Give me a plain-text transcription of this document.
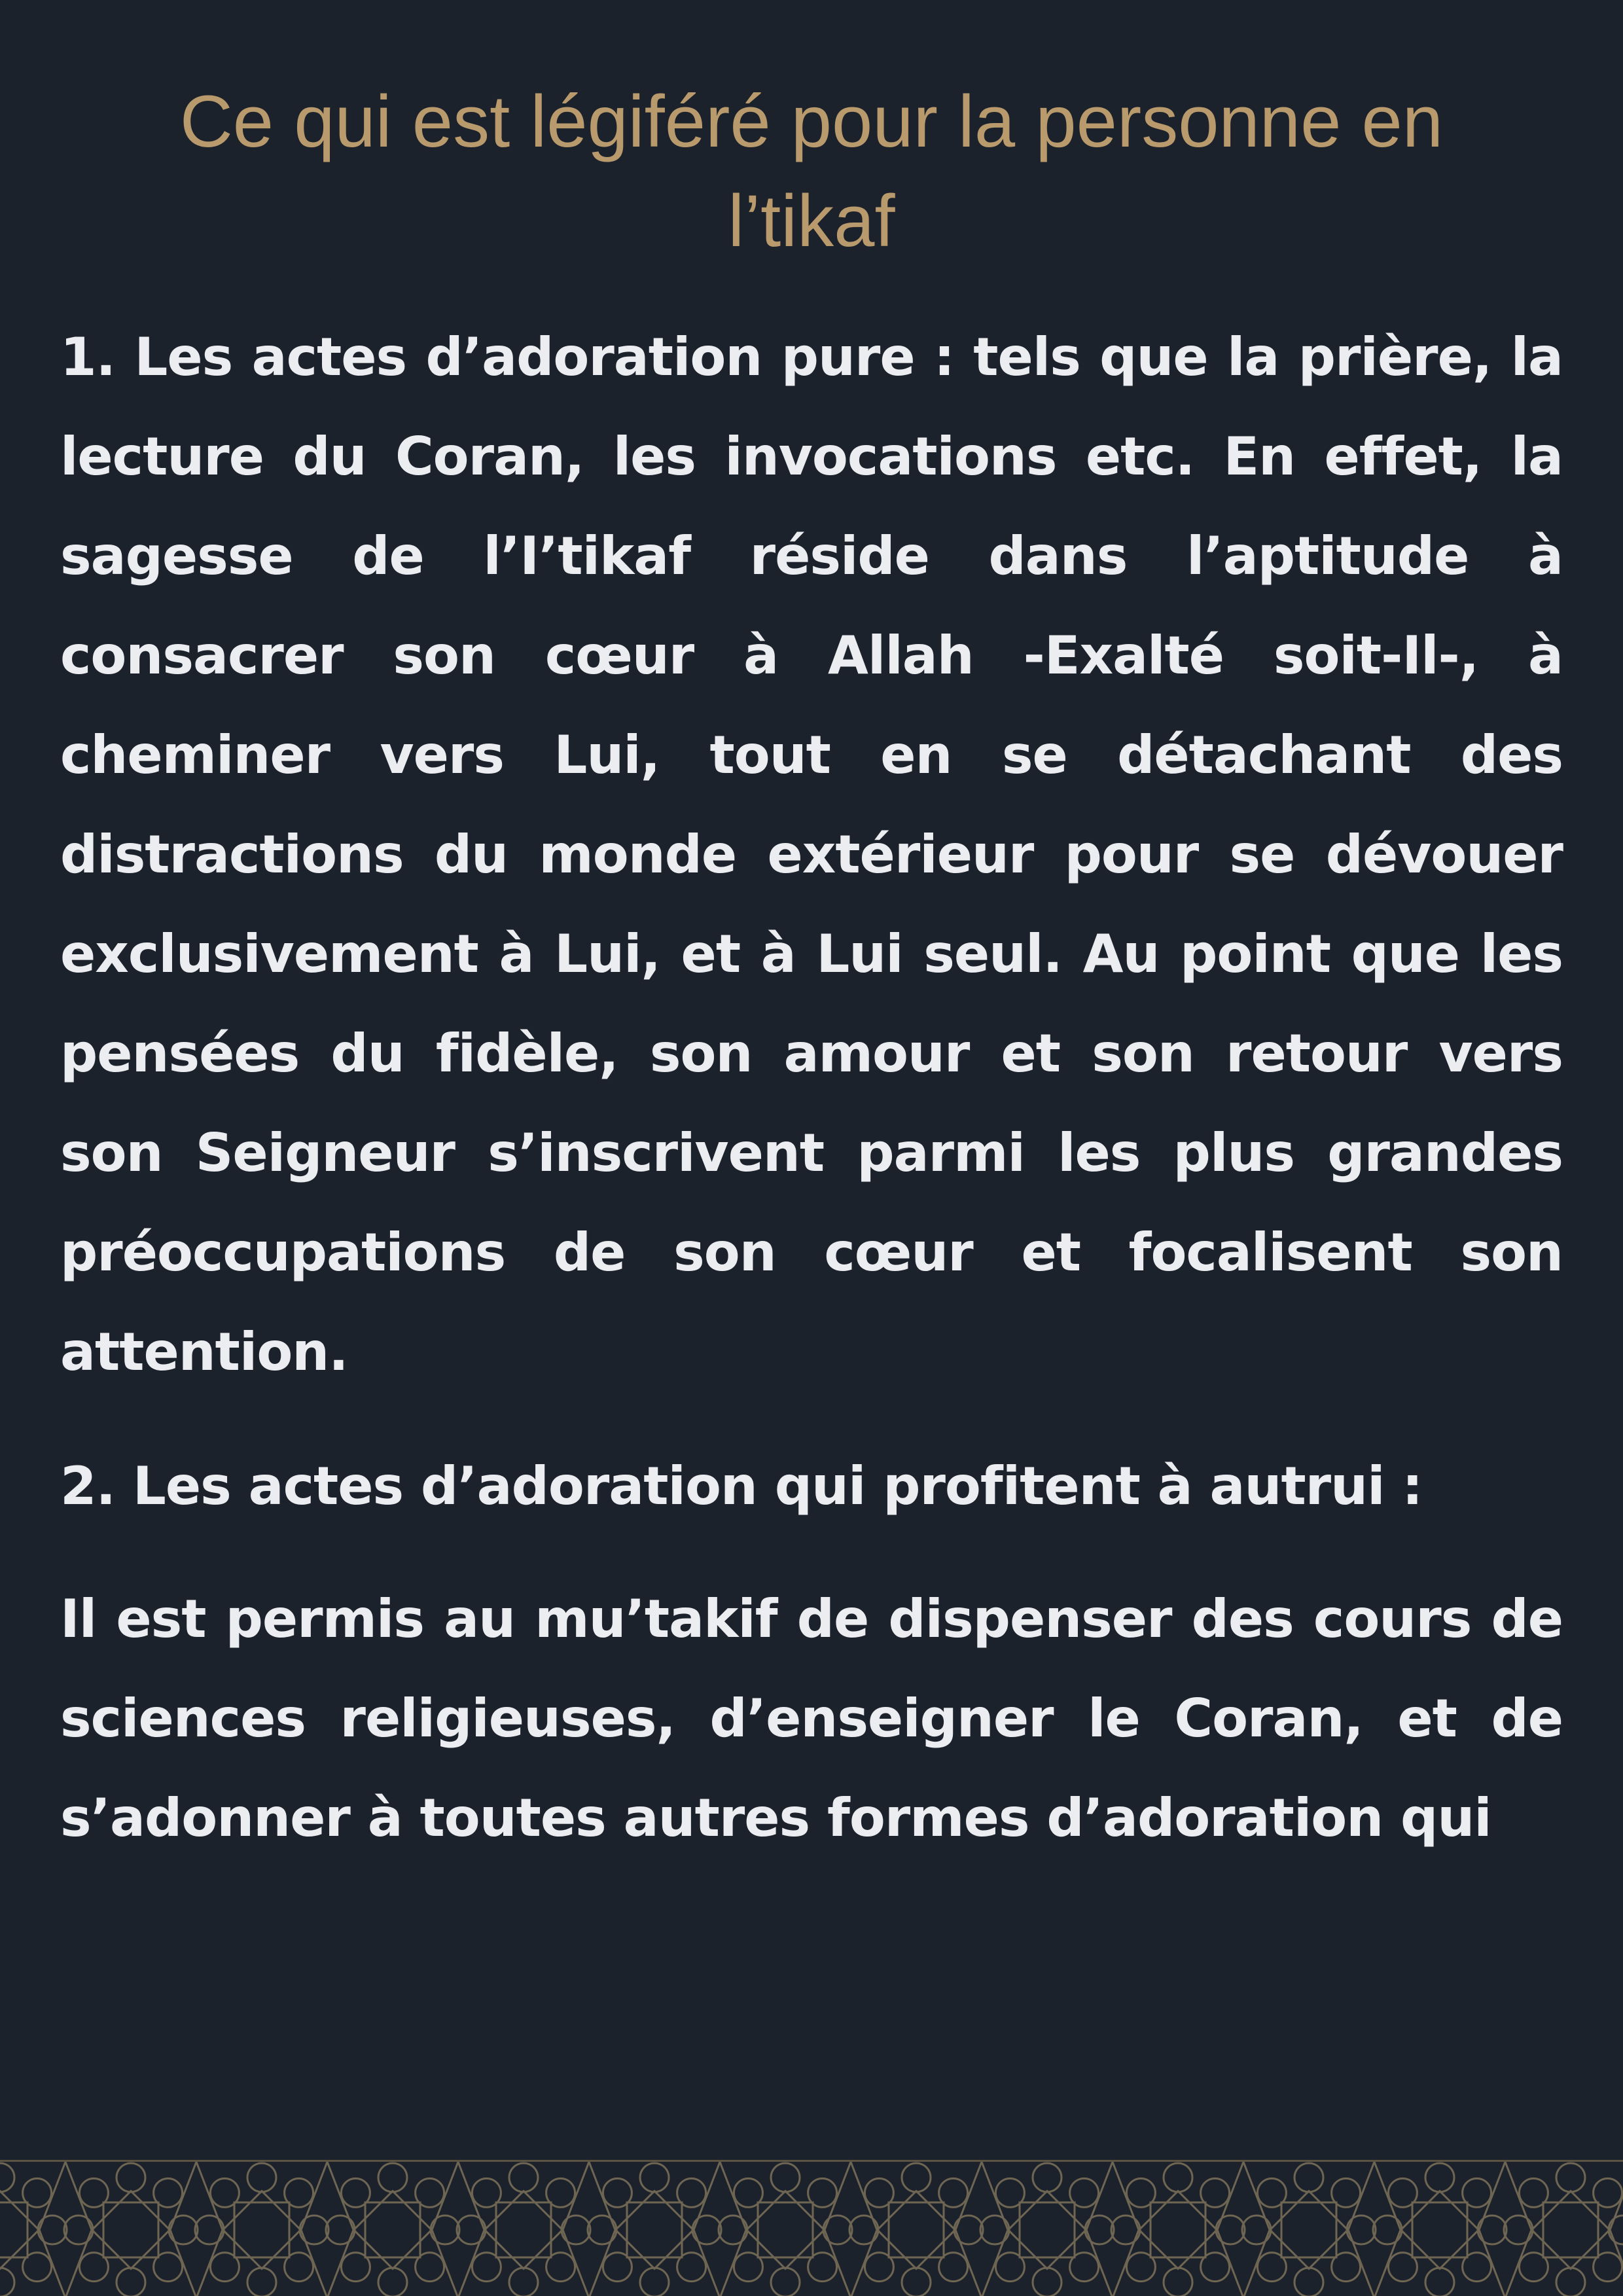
Ce qui est légiféré pour la personne en l’tikaf

1. Les actes d’adoration pure : tels que la prière, la lecture du Coran, les invocations etc. En effet, la sagesse de l’I’tikaf réside dans l’aptitude à consacrer son cœur à Allah -Exalté soit-Il-, à cheminer vers Lui, tout en se détachant des distractions du monde extérieur pour se dévouer exclusivement à Lui, et à Lui seul. Au point que les pensées du fidèle, son amour et son retour vers son Seigneur s’inscrivent parmi les plus grandes préoccupations de son cœur et focalisent son attention.

2. Les actes d’adoration qui profitent à autrui :

Il est permis au mu’takif de dispenser des cours de sciences religieuses, d’enseigner le Coran, et de s’adonner à toutes autres formes d’adoration qui
